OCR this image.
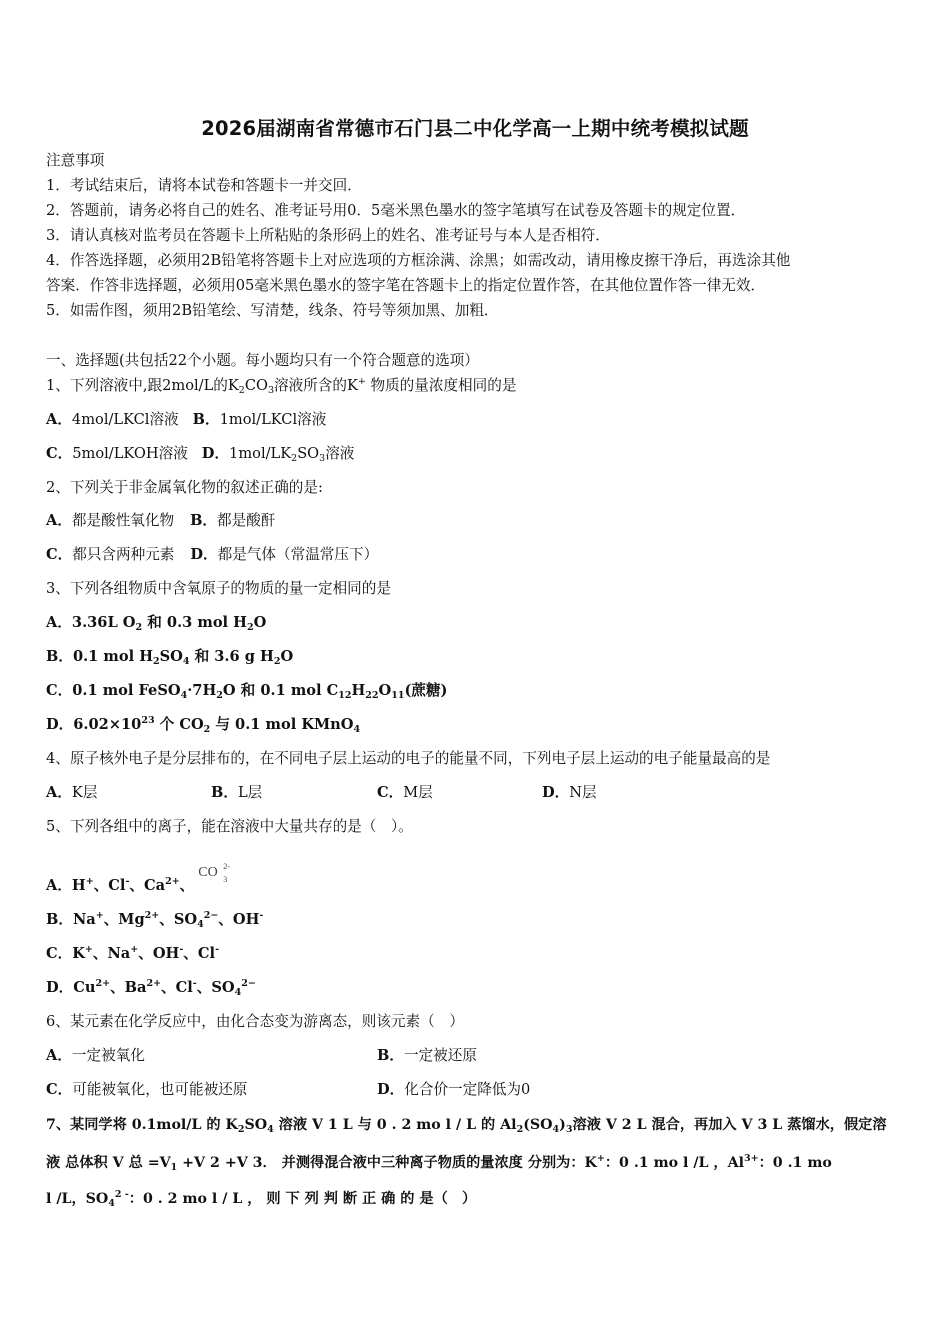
2026届湖南省常德市石门县二中化学高一上期中统考模拟试题
注意事项
1．考试结束后，请将本试卷和答题卡一并交回．
2．答题前，请务必将自己的姓名、准考证号用0．5毫米黑色墨水的签字笔填写在试卷及答题卡的规定位置．
3．请认真核对监考员在答题卡上所粘贴的条形码上的姓名、准考证号与本人是否相符．
4．作答选择题，必须用2B铅笔将答题卡上对应选项的方框涂满、涂黑；如需改动，请用橡皮擦干净后，再选涂其他
答案．作答非选择题，必须用05毫米黑色墨水的签字笔在答题卡上的指定位置作答，在其他位置作答一律无效．
5．如需作图，须用2B铅笔绘、写清楚，线条、符号等须加黑、加粗．
一、选择题(共包括22个小题。每小题均只有一个符合题意的选项）
1、下列溶液中,跟2mol/L的$K_2CO_3$溶液所含的K+ 物质的量浓度相同的是
A．4mol/LKCl溶液 B．1mol/LKCl溶液
C．5mol/LKOH溶液 D．$1mol/LK_2SO_3$溶液
2、下列关于非金属氧化物的叙述正确的是:
A．都是酸性氧化物 B．都是酸酐
C．都只含两种元素 D．都是气体（常温常压下）
3、下列各组物质中含氧原子的物质的量一定相同的是
A．3.36L $O_2$ 和 0.3 mol $H_2O$
B．0.1 mol $H_2SO_4$ 和 3.6 g $H_2O$
C．0.1 mol $FeSO_4\cdot 7H_2O$ 和 0.1 mol $C_{12}H_{22}O_{11}$(蔗糖)
D．$6.02\times 10^{23}$ 个 $CO_2$ 与 0.1 mol KMnO$_4$
4、原子核外电子是分层排布的，在不同电子层上运动的电子的能量不同，下列电子层上运动的电子能量最高的是
A．K层	B．L层	C．M层	D．N层
5、下列各组中的离子，能在溶液中大量共存的是（　）。
A．H+、Cl-、$Ca^{2+}$、CO 2-
3
B．Na+、$Mg^{2+}$、$SO_4^{2-}$、OH-
C．K+、Na+、OH-、Cl-
D．$Cu^{2+}$、$Ba^{2+}$、Cl-、$SO_4^{2-}$
6、某元素在化学反应中，由化合态变为游离态，则该元素（　）
A．一定被氧化	B．一定被还原
C．可能被氧化，也可能被还原	D．化合价一定降低为0
7、某同学将 0.1mol/L 的 $K_2SO_4$ 溶液 V 1 L 与 0 . 2 mo l / L 的 $Al_2(SO_4)_3$溶液 V 2 L 混合，再加入 V 3 L 蒸馏水，假定溶
液 总体积 V 总 $=V_1 +V$ 2 +V 3． 并测得混合液中三种离子物质的量浓度 分别为：K+：0 .1 mo l /L ，$Al^{3+}$：0 .1 mo
l /L，$SO_4^{2 -}$：0 . 2 mo l / L ， 则 下 列 判 断 正 确 的 是（　）
